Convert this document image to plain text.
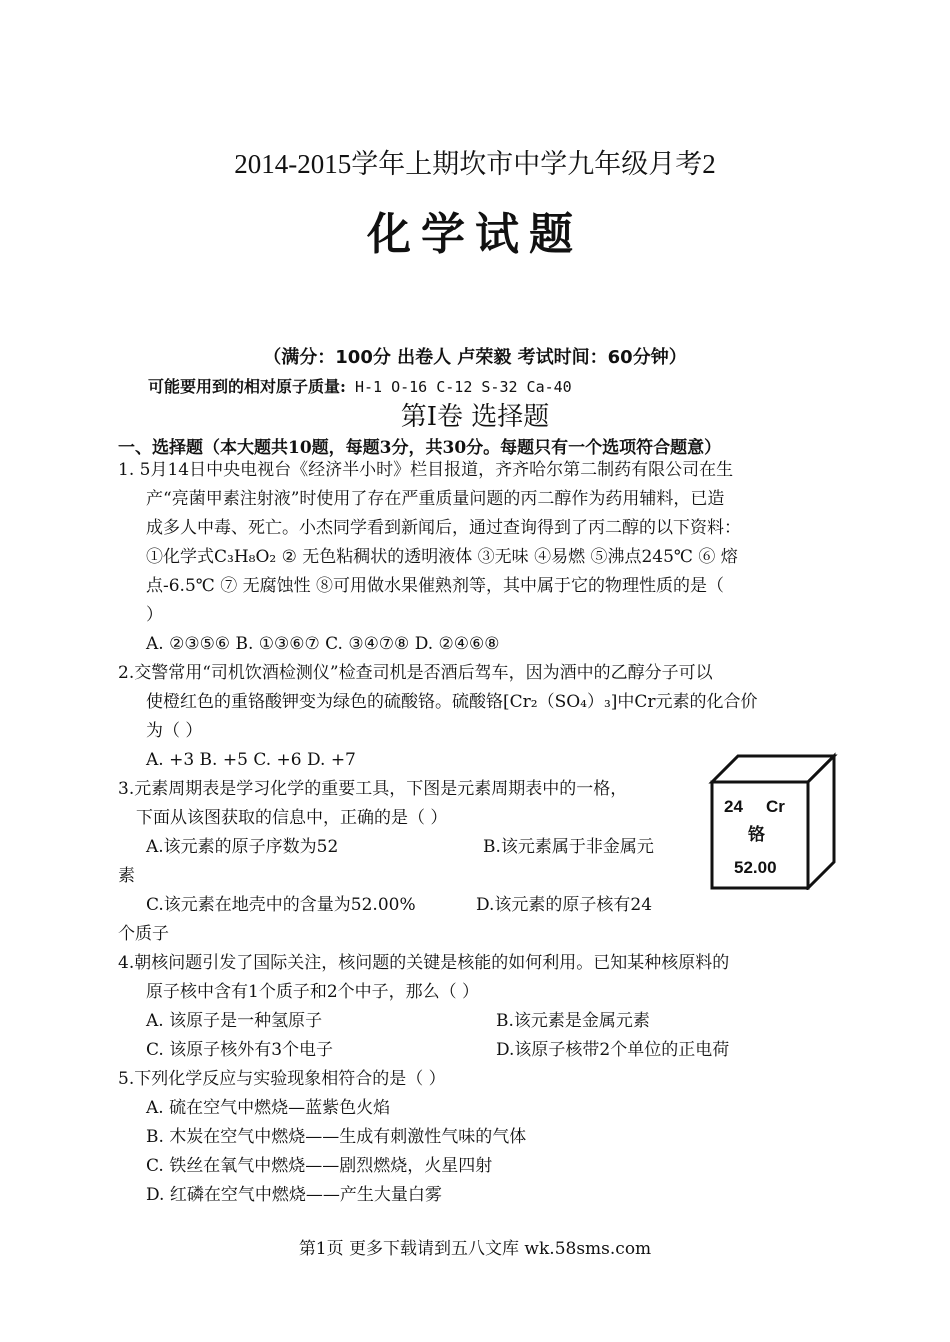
2014-2015学年上期坎市中学九年级月考2
化学试题
（满分：100分 出卷人 卢荣毅 考试时间：60分钟）
可能要用到的相对原子质量: H-1 O-16 C-12 S-32 Ca-40
第Ⅰ卷 选择题
一、选择题（本大题共10题，每题3分，共30分。每题只有一个选项符合题意）
1. 5月14日中央电视台《经济半小时》栏目报道，齐齐哈尔第二制药有限公司在生
产“亮菌甲素注射液”时使用了存在严重质量问题的丙二醇作为药用辅料，已造
成多人中毒、死亡。小杰同学看到新闻后，通过查询得到了丙二醇的以下资料：
①化学式C₃H₈O₂ ② 无色粘稠状的透明液体 ③无味 ④易燃 ⑤沸点245℃ ⑥ 熔
点-6.5℃ ⑦ 无腐蚀性 ⑧可用做水果催熟剂等，其中属于它的物理性质的是（
）
A. ②③⑤⑥ B. ①③⑥⑦ C. ③④⑦⑧ D. ②④⑥⑧
2.交警常用“司机饮酒检测仪”检查司机是否酒后驾车，因为酒中的乙醇分子可以
使橙红色的重铬酸钾变为绿色的硫酸铬。硫酸铬[Cr₂（SO₄）₃]中Cr元素的化合价
为（ ）
A. +3 B. +5 C. +6 D. +7
3.元素周期表是学习化学的重要工具，下图是元素周期表中的一格，
下面从该图获取的信息中，正确的是（ ）
A.该元素的原子序数为52	B.该元素属于非金属元
素
C.该元素在地壳中的含量为52.00%	D.该元素的原子核有24
个质子
24 Cr
铬
52.00
4.朝核问题引发了国际关注，核问题的关键是核能的如何利用。已知某种核原料的
原子核中含有1个质子和2个中子，那么（ ）
A. 该原子是一种氢原子	B.该元素是金属元素
C. 该原子核外有3个电子	D.该原子核带2个单位的正电荷
5.下列化学反应与实验现象相符合的是（ ）
A. 硫在空气中燃烧—蓝紫色火焰
B. 木炭在空气中燃烧——生成有刺激性气味的气体
C. 铁丝在氧气中燃烧——剧烈燃烧，火星四射
D. 红磷在空气中燃烧——产生大量白雾
第1页 更多下载请到五八文库 wk.58sms.com
